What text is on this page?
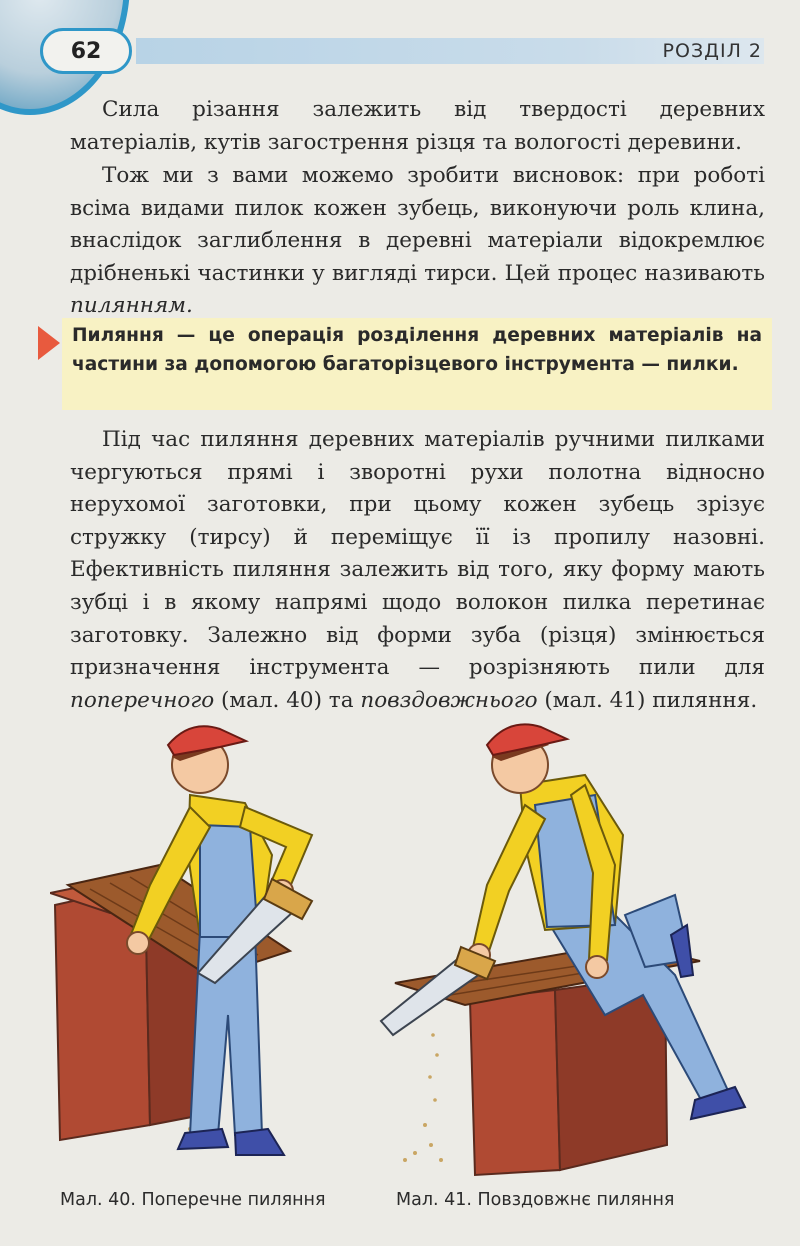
62	РОЗДІЛ 2

Сила різання залежить від твердості деревних матеріалів, кутів загострення різця та вологості деревини.

Тож ми з вами можемо зробити висновок: при роботі всіма видами пилок кожен зубець, виконуючи роль клина, внаслідок заглиблення в деревні матеріали відокремлює дрібненькі частинки у вигляді тирси. Цей процес називають пилянням.

Пиляння — це операція розділення деревних матеріалів на частини за допомогою багаторізцевого інструмента — пилки.

Під час пиляння деревних матеріалів ручними пилками чергуються прямі і зворотні рухи полотна відносно нерухомої заготовки, при цьому кожен зубець зрізує стружку (тирсу) й переміщує її із пропилу назовні. Ефективність пиляння залежить від того, яку форму мають зубці і в якому напрямі щодо волокон пилка перетинає заготовку. Залежно від форми зуба (різця) змінюється призначення інструмента — розрізняють пили для поперечного (мал. 40) та повздовжнього (мал. 41) пиляння.

Мал. 40. Поперечне пиляння	Мал. 41. Повздовжнє пиляння
